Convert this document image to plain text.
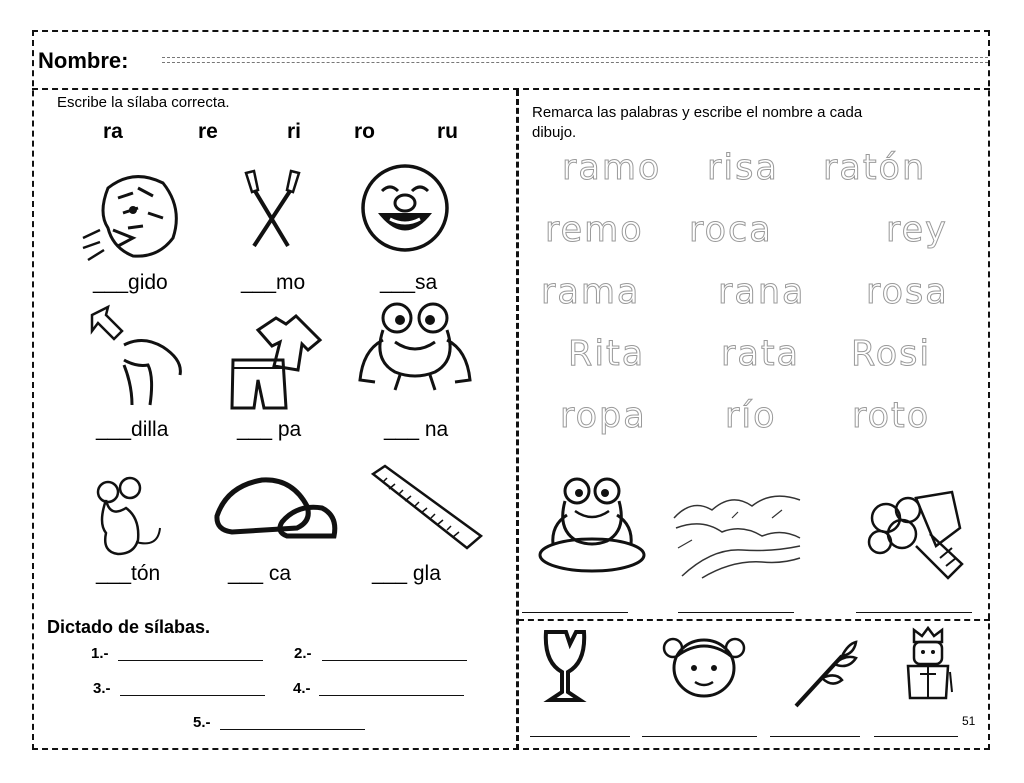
Nombre:
Escribe la sílaba correcta.
ra	re	ri	ro	ru
___gido	___mo	___sa
___dilla	___ pa	___ na
___tón	___ ca	___ gla
Dictado de sílabas.
1.-	2.-
3.-	4.-
5.-
Remarca las palabras y escribe el nombre a cada
dibujo.
ramo risa ratón
remo roca	rey
rama rana rosa
Rita rata Rosi
ropa río roto
51
